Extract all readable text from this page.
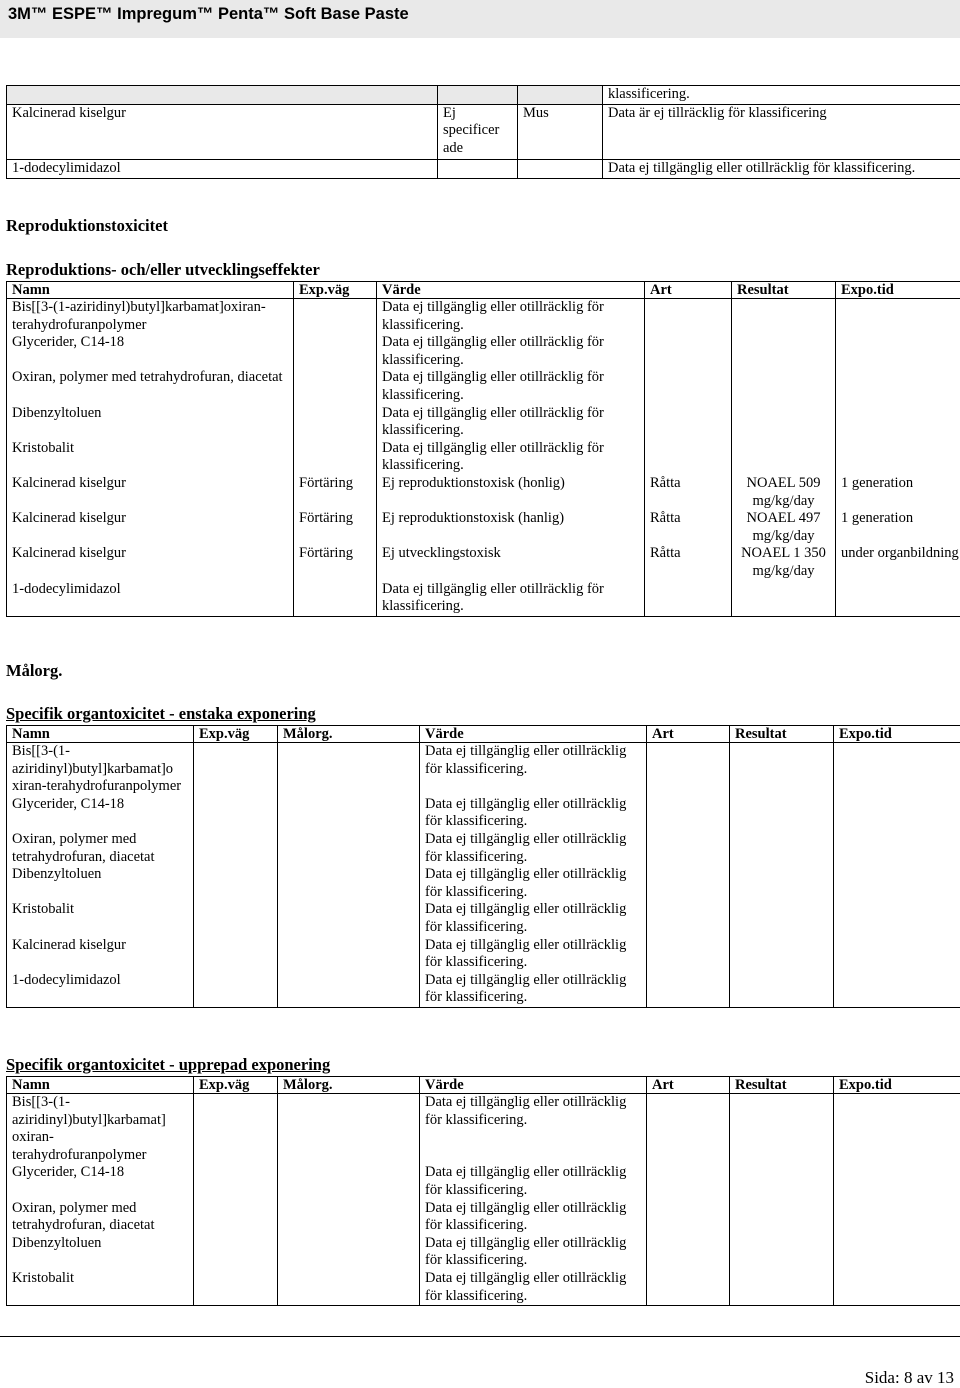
3M™ ESPE™ Impregum™ Penta™ Soft Base Paste
			klassificering.
Kalcinerad kiselgur	Ej specificer ade	Mus	Data är ej tillräcklig för klassificering
1-dodecylimidazol			Data ej tillgänglig eller otillräcklig för klassificering.
Reproduktionstoxicitet
Reproduktions- och/eller utvecklingseffekter
Namn	Exp.väg	Värde	Art	Resultat	Expo.tid
Bis[[3-(1-aziridinyl)butyl]karbamat]oxiran-terahydrofuranpolymer		Data ej tillgänglig eller otillräcklig för klassificering.			
Glycerider, C14-18		Data ej tillgänglig eller otillräcklig för klassificering.			
Oxiran, polymer med tetrahydrofuran, diacetat		Data ej tillgänglig eller otillräcklig för klassificering.			
Dibenzyltoluen		Data ej tillgänglig eller otillräcklig för klassificering.			
Kristobalit		Data ej tillgänglig eller otillräcklig för klassificering.			
Kalcinerad kiselgur	Förtäring	Ej reproduktionstoxisk (honlig)	Råtta	NOAEL 509 mg/kg/day	1 generation
Kalcinerad kiselgur	Förtäring	Ej reproduktionstoxisk (hanlig)	Råtta	NOAEL 497 mg/kg/day	1 generation
Kalcinerad kiselgur	Förtäring	Ej utvecklingstoxisk	Råtta	NOAEL 1 350 mg/kg/day	under organbildning
1-dodecylimidazol		Data ej tillgänglig eller otillräcklig för klassificering.			
Målorg.
Specifik organtoxicitet - enstaka exponering
Namn	Exp.väg	Målorg.	Värde	Art	Resultat	Expo.tid
Bis[[3-(1-aziridinyl)butyl]karbamat]o xiran-terahydrofuranpolymer			Data ej tillgänglig eller otillräcklig för klassificering.			
Glycerider, C14-18			Data ej tillgänglig eller otillräcklig för klassificering.			
Oxiran, polymer med tetrahydrofuran, diacetat			Data ej tillgänglig eller otillräcklig för klassificering.			
Dibenzyltoluen			Data ej tillgänglig eller otillräcklig för klassificering.			
Kristobalit			Data ej tillgänglig eller otillräcklig för klassificering.			
Kalcinerad kiselgur			Data ej tillgänglig eller otillräcklig för klassificering.			
1-dodecylimidazol			Data ej tillgänglig eller otillräcklig för klassificering.			
Specifik organtoxicitet - upprepad exponering
Namn	Exp.väg	Målorg.	Värde	Art	Resultat	Expo.tid
Bis[[3-(1-aziridinyl)butyl]karbamat] oxiran-terahydrofuranpolymer			Data ej tillgänglig eller otillräcklig för klassificering.			
Glycerider, C14-18			Data ej tillgänglig eller otillräcklig för klassificering.			
Oxiran, polymer med tetrahydrofuran, diacetat			Data ej tillgänglig eller otillräcklig för klassificering.			
Dibenzyltoluen			Data ej tillgänglig eller otillräcklig för klassificering.			
Kristobalit			Data ej tillgänglig eller otillräcklig för klassificering.			
Sida: 8 av 13
